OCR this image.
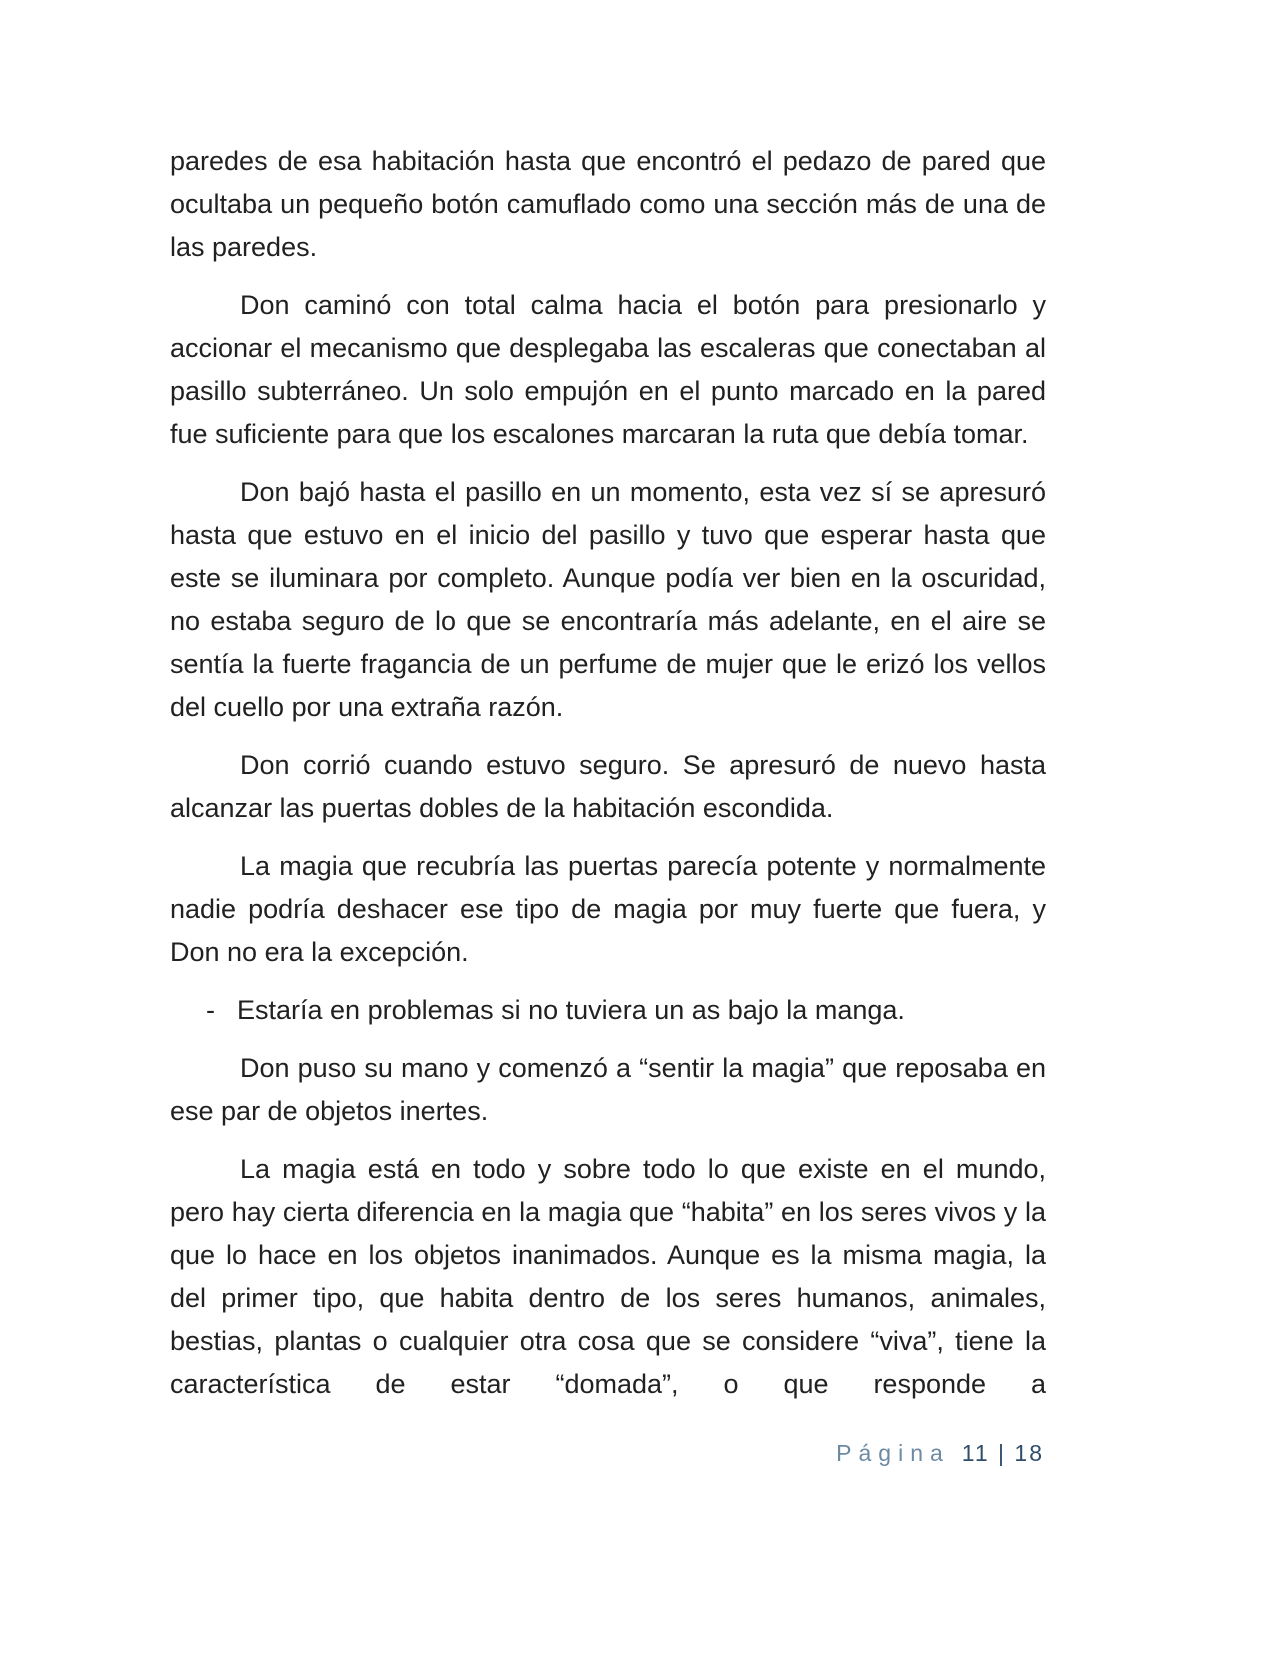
paredes de esa habitación hasta que encontró el pedazo de pared que ocultaba un pequeño botón camuflado como una sección más de una de las paredes.

Don caminó con total calma hacia el botón para presionarlo y accionar el mecanismo que desplegaba las escaleras que conectaban al pasillo subterráneo. Un solo empujón en el punto marcado en la pared fue suficiente para que los escalones marcaran la ruta que debía tomar.

Don bajó hasta el pasillo en un momento, esta vez sí se apresuró hasta que estuvo en el inicio del pasillo y tuvo que esperar hasta que este se iluminara por completo. Aunque podía ver bien en la oscuridad, no estaba seguro de lo que se encontraría más adelante, en el aire se sentía la fuerte fragancia de un perfume de mujer que le erizó los vellos del cuello por una extraña razón.

Don corrió cuando estuvo seguro. Se apresuró de nuevo hasta alcanzar las puertas dobles de la habitación escondida.

La magia que recubría las puertas parecía potente y normalmente nadie podría deshacer ese tipo de magia por muy fuerte que fuera, y Don no era la excepción.

- Estaría en problemas si no tuviera un as bajo la manga.

Don puso su mano y comenzó a “sentir la magia” que reposaba en ese par de objetos inertes.

La magia está en todo y sobre todo lo que existe en el mundo, pero hay cierta diferencia en la magia que “habita” en los seres vivos y la que lo hace en los objetos inanimados. Aunque es la misma magia, la del primer tipo, que habita dentro de los seres humanos, animales, bestias, plantas o cualquier otra cosa que se considere “viva”, tiene la característica de estar “domada”, o que responde a

Página 11 | 18
